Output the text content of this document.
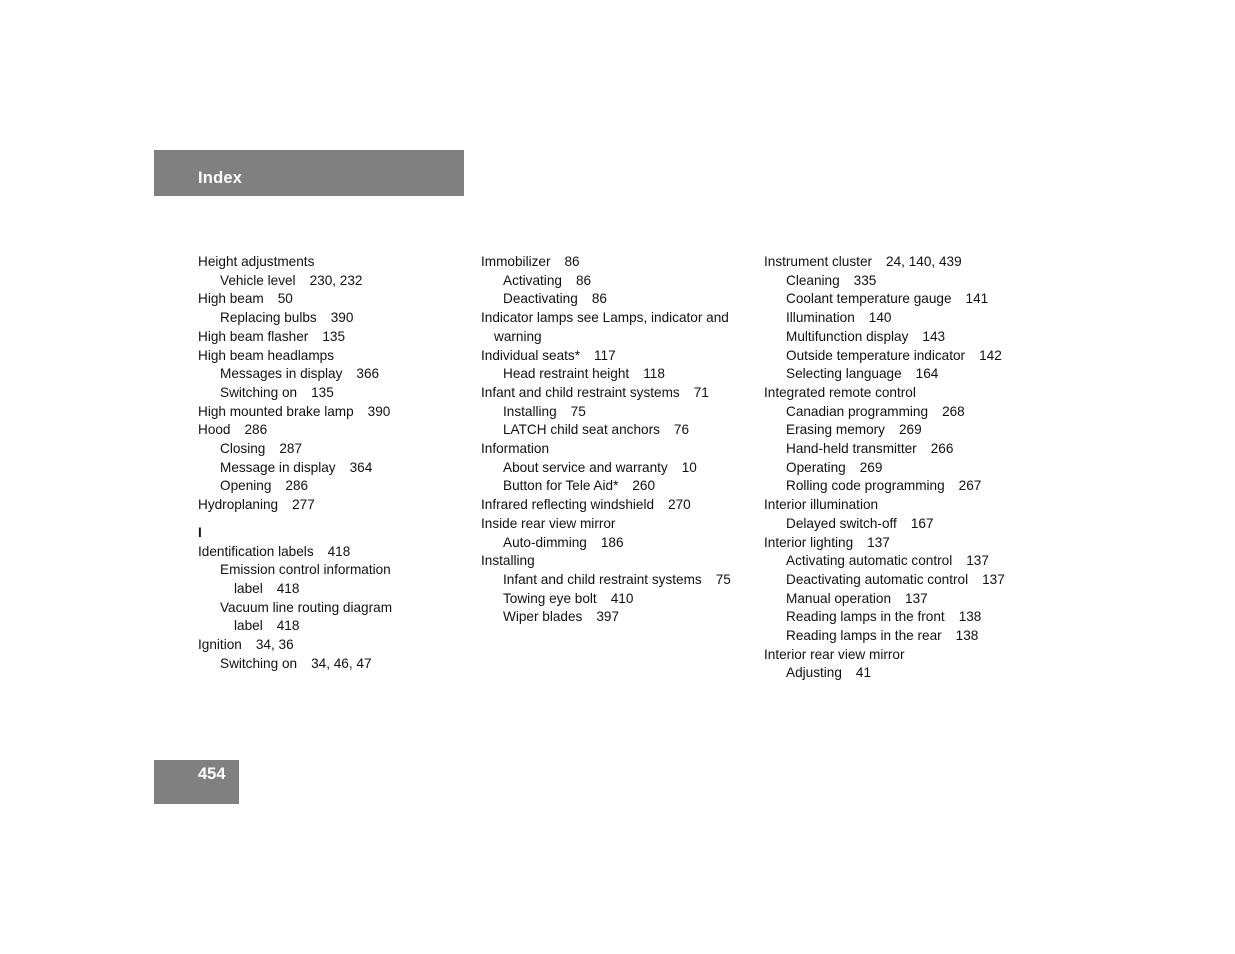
Index
Height adjustments
Vehicle level 230, 232
High beam 50
Replacing bulbs 390
High beam flasher 135
High beam headlamps
Messages in display 366
Switching on 135
High mounted brake lamp 390
Hood 286
Closing 287
Message in display 364
Opening 286
Hydroplaning 277
I
Identification labels 418
Emission control information
label 418
Vacuum line routing diagram
label 418
Ignition 34, 36
Switching on 34, 46, 47
Immobilizer 86
Activating 86
Deactivating 86
Indicator lamps see Lamps, indicator and
warning
Individual seats* 117
Head restraint height 118
Infant and child restraint systems 71
Installing 75
LATCH child seat anchors 76
Information
About service and warranty 10
Button for Tele Aid* 260
Infrared reflecting windshield 270
Inside rear view mirror
Auto-dimming 186
Installing
Infant and child restraint systems 75
Towing eye bolt 410
Wiper blades 397
Instrument cluster 24, 140, 439
Cleaning 335
Coolant temperature gauge 141
Illumination 140
Multifunction display 143
Outside temperature indicator 142
Selecting language 164
Integrated remote control
Canadian programming 268
Erasing memory 269
Hand-held transmitter 266
Operating 269
Rolling code programming 267
Interior illumination
Delayed switch-off 167
Interior lighting 137
Activating automatic control 137
Deactivating automatic control 137
Manual operation 137
Reading lamps in the front 138
Reading lamps in the rear 138
Interior rear view mirror
Adjusting 41
454
